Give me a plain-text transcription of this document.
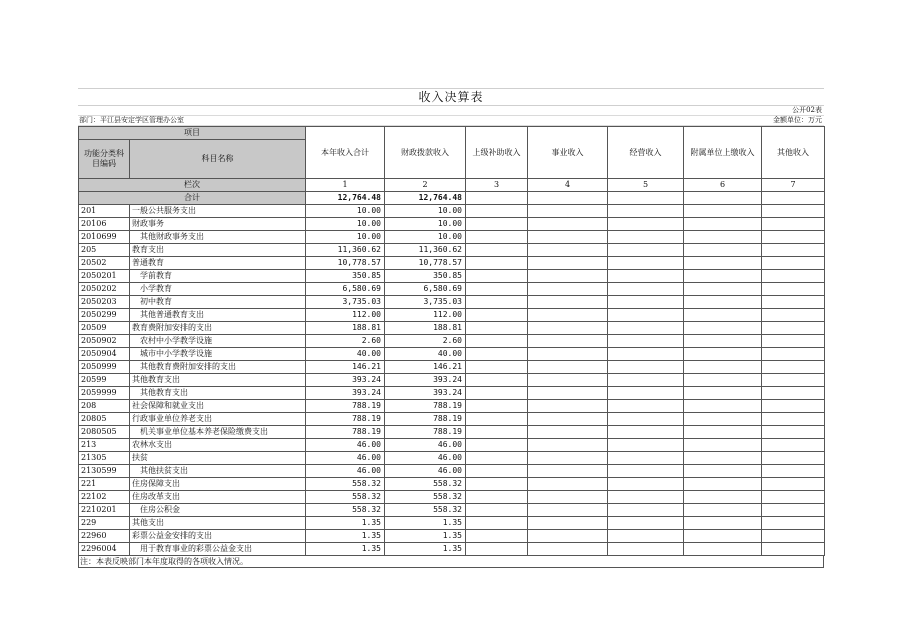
收入决算表
公开02表
部门：平江县安定学区管理办公室	金额单位：万元
项目		本年收入合计	财政拨款收入	上级补助收入	事业收入	经营收入	附属单位上缴收入	其他收入
功能分类科目编码	科目名称							
栏次		1	2	3	4	5	6	7
合计		12,764.48	12,764.48					
201	一般公共服务支出	10.00	10.00					
20106	财政事务	10.00	10.00					
2010699	其他财政事务支出	10.00	10.00					
205	教育支出	11,360.62	11,360.62					
20502	普通教育	10,778.57	10,778.57					
2050201	学前教育	350.85	350.85					
2050202	小学教育	6,580.69	6,580.69					
2050203	初中教育	3,735.03	3,735.03					
2050299	其他普通教育支出	112.00	112.00					
20509	教育费附加安排的支出	188.81	188.81					
2050902	农村中小学教学设施	2.60	2.60					
2050904	城市中小学教学设施	40.00	40.00					
2050999	其他教育费附加安排的支出	146.21	146.21					
20599	其他教育支出	393.24	393.24					
2059999	其他教育支出	393.24	393.24					
208	社会保障和就业支出	788.19	788.19					
20805	行政事业单位养老支出	788.19	788.19					
2080505	机关事业单位基本养老保险缴费支出	788.19	788.19					
213	农林水支出	46.00	46.00					
21305	扶贫	46.00	46.00					
2130599	其他扶贫支出	46.00	46.00					
221	住房保障支出	558.32	558.32					
22102	住房改革支出	558.32	558.32					
2210201	住房公积金	558.32	558.32					
229	其他支出	1.35	1.35					
22960	彩票公益金安排的支出	1.35	1.35					
2296004	用于教育事业的彩票公益金支出	1.35	1.35					
注：本表反映部门本年度取得的各项收入情况。
